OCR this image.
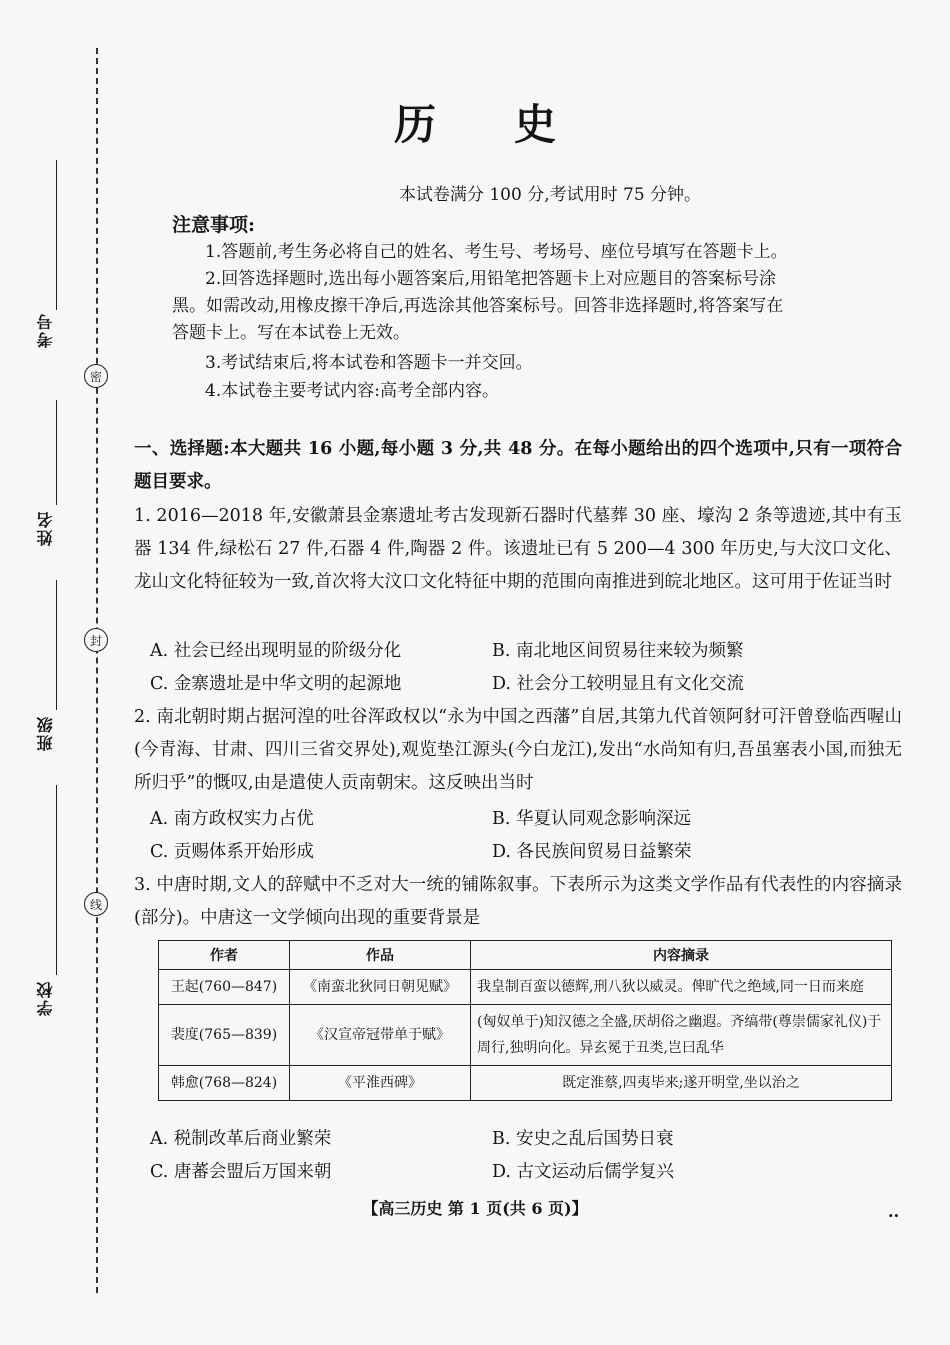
密
封
线
考号
姓名
班级
学校
历史
本试卷满分 100 分,考试用时 75 分钟。
注意事项:
1.答题前,考生务必将自己的姓名、考生号、考场号、座位号填写在答题卡上。
2.回答选择题时,选出每小题答案后,用铅笔把答题卡上对应题目的答案标号涂
黑。如需改动,用橡皮擦干净后,再选涂其他答案标号。回答非选择题时,将答案写在
答题卡上。写在本试卷上无效。
3.考试结束后,将本试卷和答题卡一并交回。
4.本试卷主要考试内容:高考全部内容。
一、选择题:本大题共 16 小题,每小题 3 分,共 48 分。在每小题给出的四个选项中,只有一项符合题目要求。
1. 2016—2018 年,安徽萧县金寨遗址考古发现新石器时代墓葬 30 座、壕沟 2 条等遗迹,其中有玉器 134 件,绿松石 27 件,石器 4 件,陶器 2 件。该遗址已有 5 200—4 300 年历史,与大汶口文化、龙山文化特征较为一致,首次将大汶口文化特征中期的范围向南推进到皖北地区。这可用于佐证当时
A. 社会已经出现明显的阶级分化	B. 南北地区间贸易往来较为频繁
C. 金寨遗址是中华文明的起源地	D. 社会分工较明显且有文化交流
2. 南北朝时期占据河湟的吐谷浑政权以“永为中国之西藩”自居,其第九代首领阿豺可汗曾登临西喔山(今青海、甘肃、四川三省交界处),观览垫江源头(今白龙江),发出“水尚知有归,吾虽塞表小国,而独无所归乎”的慨叹,由是遣使人贡南朝宋。这反映出当时
A. 南方政权实力占优	B. 华夏认同观念影响深远
C. 贡赐体系开始形成	D. 各民族间贸易日益繁荣
3. 中唐时期,文人的辞赋中不乏对大一统的铺陈叙事。下表所示为这类文学作品有代表性的内容摘录(部分)。中唐这一文学倾向出现的重要背景是
作者	作品	内容摘录
王起(760—847)	《南蛮北狄同日朝见赋》	我皇制百蛮以德辉,刑八狄以威灵。俾旷代之绝域,同一日而来庭
裴度(765—839)	《汉宣帝冠带单于赋》	(匈奴单于)知汉德之全盛,厌胡俗之幽遐。齐缟带(尊崇儒家礼仪)于周行,独明向化。异玄冕于丑类,岂曰乱华
韩愈(768—824)	《平淮西碑》	既定淮蔡,四夷毕来;遂开明堂,坐以治之
A. 税制改革后商业繁荣	B. 安史之乱后国势日衰
C. 唐蕃会盟后万国来朝	D. 古文运动后儒学复兴
【高三历史 第 1 页(共 6 页)】	..
